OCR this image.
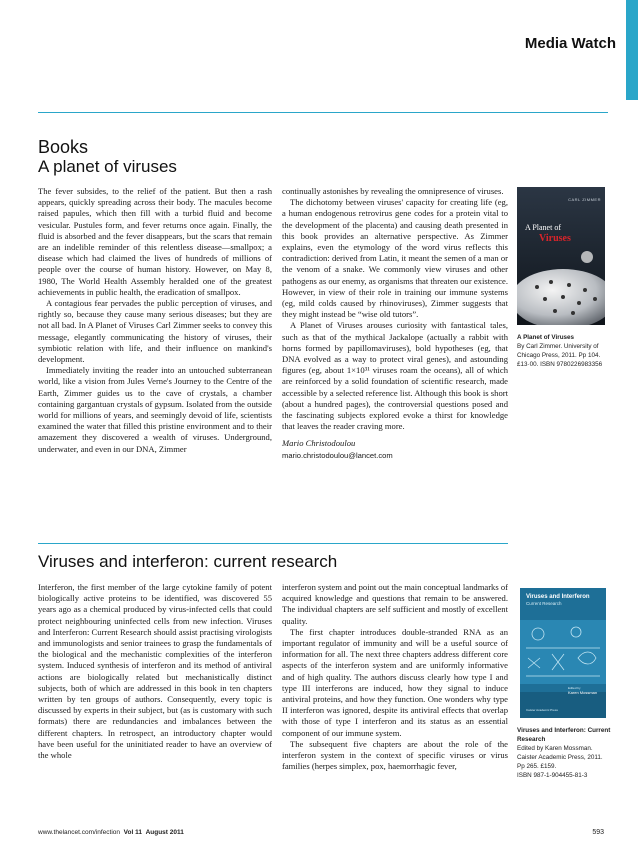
Media Watch
Books
A planet of viruses

The fever subsides, to the relief of the patient. But then a rash appears, quickly spreading across their body. The macules become raised papules, which then fill with a turbid fluid and become vesicular. Pustules form, and fever returns once again. Finally, the fluid is absorbed and the fever disappears, but the scars that remain are an indelible reminder of this relentless disease—smallpox; a disease which had claimed the lives of hundreds of millions of people over the course of human history. However, on May 8, 1980, The World Health Assembly heralded one of the greatest achievements in public health, the eradication of smallpox.

A contagious fear pervades the public perception of viruses, and rightly so, because they cause many serious diseases; but they are not all bad. In A Planet of Viruses Carl Zimmer seeks to convey this message, elegantly communicating the history of viruses, their symbiotic relation with life, and their influence on mankind's development.

Immediately inviting the reader into an untouched subterranean world, like a vision from Jules Verne's Journey to the Centre of the Earth, Zimmer guides us to the cave of crystals, a chamber containing gargantuan crystals of gypsum. Isolated from the outside world for millions of years, and seemingly devoid of life, scientists examined the water that filled this pristine environment and to their amazement they discovered a wealth of viruses. Underground, underwater, and even in our DNA, Zimmer

continually astonishes by revealing the omnipresence of viruses.

The dichotomy between viruses' capacity for creating life (eg, a human endogenous retrovirus gene codes for a protein vital to the development of the placenta) and causing death presented in this book provides an alternative perspective. As Zimmer explains, even the etymology of the word virus reflects this contradiction: derived from Latin, it meant the semen of a man or the venom of a snake. We commonly view viruses and other pathogens as our enemy, as organisms that threaten our existence. However, in view of their role in training our immune systems (eg, mild colds caused by rhinoviruses), Zimmer suggests that they might instead be “wise old tutors”.

A Planet of Viruses arouses curiosity with fantastical tales, such as that of the mythical Jackalope (actually a rabbit with horns formed by papillomaviruses), bold hypotheses (eg, that DNA evolved as a way to protect viral genes), and astounding figures (eg, about 1×10³¹ viruses roam the oceans), all of which are reinforced by a solid foundation of scientific research, made accessible by a selected reference list. Although this book is short (about a hundred pages), the controversial questions posed and the fascinating subjects explored evoke a thirst for knowledge that leaves the reader craving more.

Mario Christodoulou

mario.christodoulou@lancet.com

CARL ZIMMER
A Planet of
Viruses
A Planet of Viruses
By Carl Zimmer. University of
Chicago Press, 2011. Pp 104.
£13·00. ISBN 9780226983356
Viruses and interferon: current research

Interferon, the first member of the large cytokine family of potent biologically active proteins to be identified, was discovered 55 years ago as a chemical produced by virus-infected cells that could protect neighbouring uninfected cells from new infection. Viruses and Interferon: Current Research should assist practising virologists and immunologists and senior trainees to grasp the fundamentals of the biological and the mechanistic complexities of the interferon system. Induced synthesis of interferon and its method of antiviral actions are biologically related but mechanistically distinct subjects, both of which are addressed in this book in ten chapters written by ten groups of authors. Consequently, every topic is discussed by experts in their subject, but (as is customary with such formats) there are redundancies and imbalances between the different chapters. In retrospect, an introductory chapter would have been useful for the uninitiated reader to have an overview of the whole

interferon system and point out the main conceptual landmarks of acquired knowledge and questions that remain to be answered. The individual chapters are self sufficient and mostly of excellent quality.

The first chapter introduces double-stranded RNA as an important regulator of immunity and will be a useful source of information for all. The next three chapters address different core aspects of the interferon system and are uniformly informative and of high quality. The authors discuss clearly how type I and type III interferons are induced, how they signal to induce antiviral proteins, and how they function. One wonders why type II interferon was ignored, despite its antiviral effects that overlap with those of type I interferon and its status as an essential component of our immune system.

The subsequent five chapters are about the role of the interferon system in the context of specific viruses or virus families (herpes simplex, pox, haemorrhagic fever,

Viruses and Interferon
Current Research
Edited by
Karen Mossman
Caister Academic Press
Viruses and Interferon: Current Research
Edited by Karen Mossman.
Caister Academic Press, 2011.
Pp 265. £159.
ISBN 987-1-904455-81-3
www.thelancet.com/infection Vol 11 August 2011	593
